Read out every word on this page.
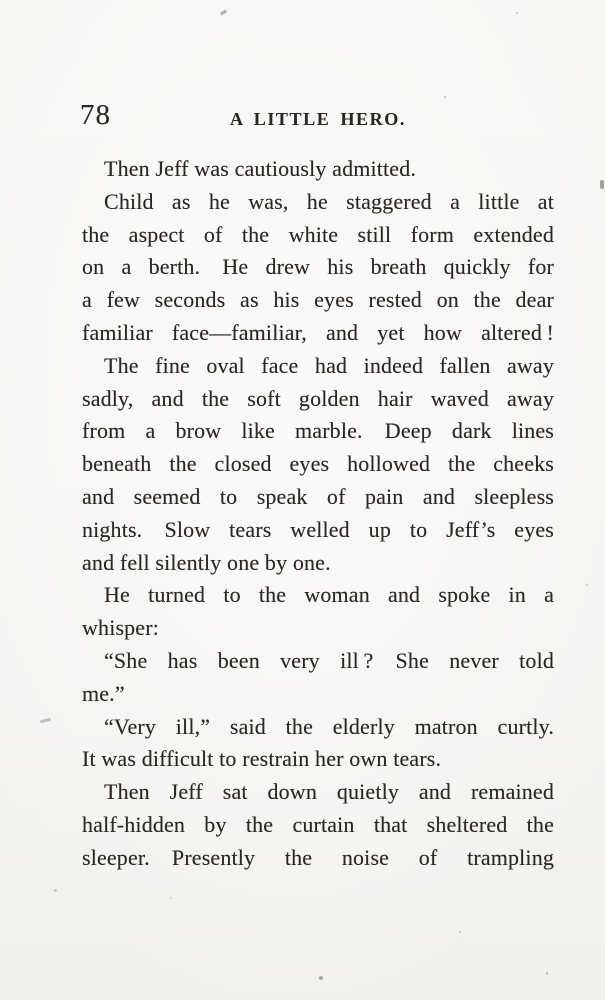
78	A LITTLE HERO.

Then Jeff was cautiously admitted.

Child as he was, he staggered a little at
the aspect of the white still form extended
on a berth. He drew his breath quickly for
a few seconds as his eyes rested on the dear
familiar face—familiar, and yet how altered !

The fine oval face had indeed fallen away
sadly, and the soft golden hair waved away
from a brow like marble. Deep dark lines
beneath the closed eyes hollowed the cheeks
and seemed to speak of pain and sleepless
nights. Slow tears welled up to Jeff’s eyes
and fell silently one by one.

He turned to the woman and spoke in a
whisper:

“She has been very ill ? She never told
me.”

“Very ill,” said the elderly matron curtly.
It was difficult to restrain her own tears.

Then Jeff sat down quietly and remained
half-hidden by the curtain that sheltered the
sleeper. Presently the noise of trampling
